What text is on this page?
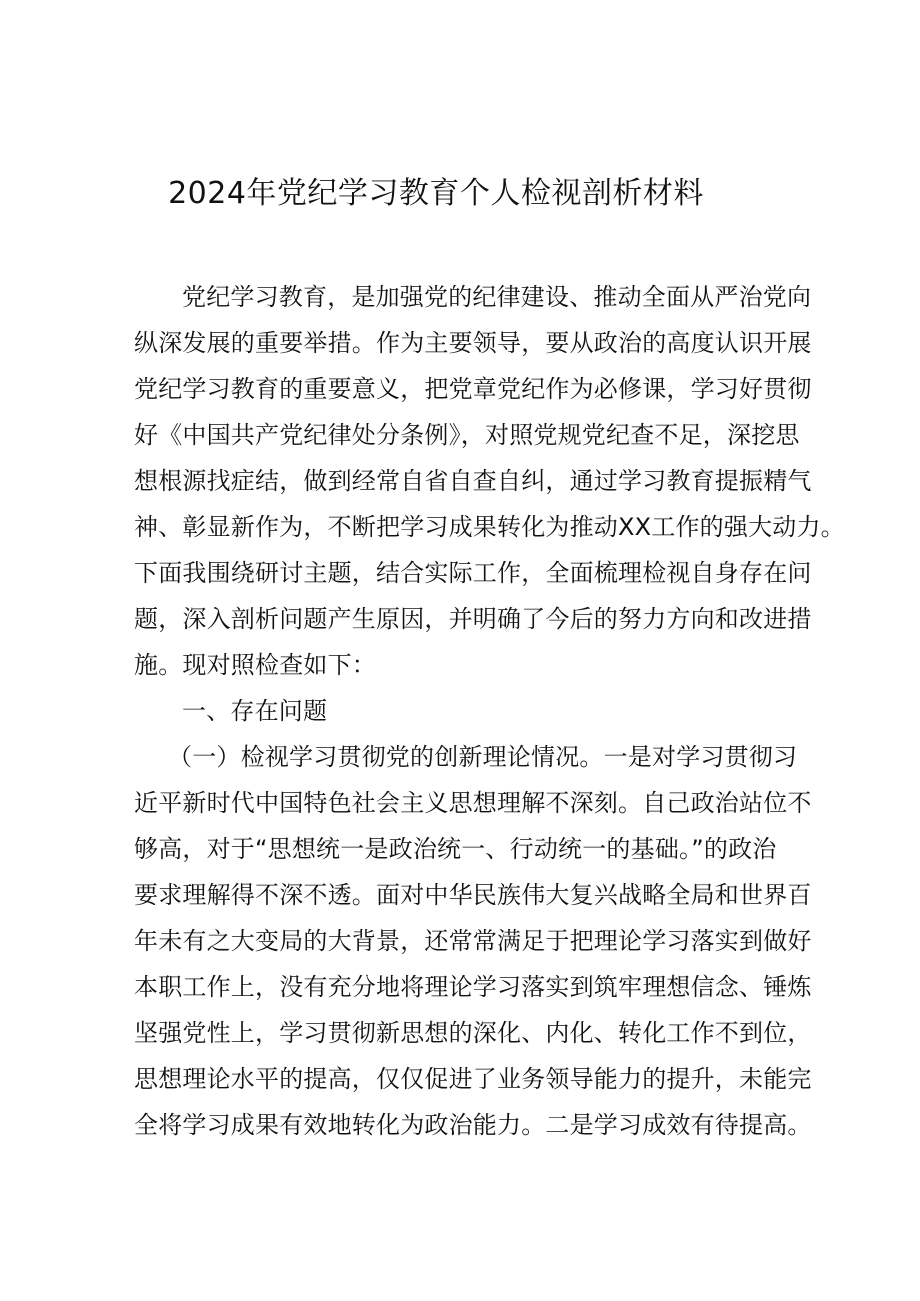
2024年党纪学习教育个人检视剖析材料
党纪学习教育，是加强党的纪律建设、推动全面从严治党向
纵深发展的重要举措。作为主要领导，要从政治的高度认识开展
党纪学习教育的重要意义，把党章党纪作为必修课，学习好贯彻
好《中国共产党纪律处分条例》，对照党规党纪查不足，深挖思
想根源找症结，做到经常自省自查自纠，通过学习教育提振精气
神、彰显新作为，不断把学习成果转化为推动XX工作的强大动力。
下面我围绕研讨主题，结合实际工作，全面梳理检视自身存在问
题，深入剖析问题产生原因，并明确了今后的努力方向和改进措
施。现对照检查如下：
一、存在问题
（一）检视学习贯彻党的创新理论情况。一是对学习贯彻习
近平新时代中国特色社会主义思想理解不深刻。自己政治站位不
够高，对于“思想统一是政治统一、行动统一的基础。”的政治
要求理解得不深不透。面对中华民族伟大复兴战略全局和世界百
年未有之大变局的大背景，还常常满足于把理论学习落实到做好
本职工作上，没有充分地将理论学习落实到筑牢理想信念、锤炼
坚强党性上，学习贯彻新思想的深化、内化、转化工作不到位，
思想理论水平的提高，仅仅促进了业务领导能力的提升，未能完
全将学习成果有效地转化为政治能力。二是学习成效有待提高。
